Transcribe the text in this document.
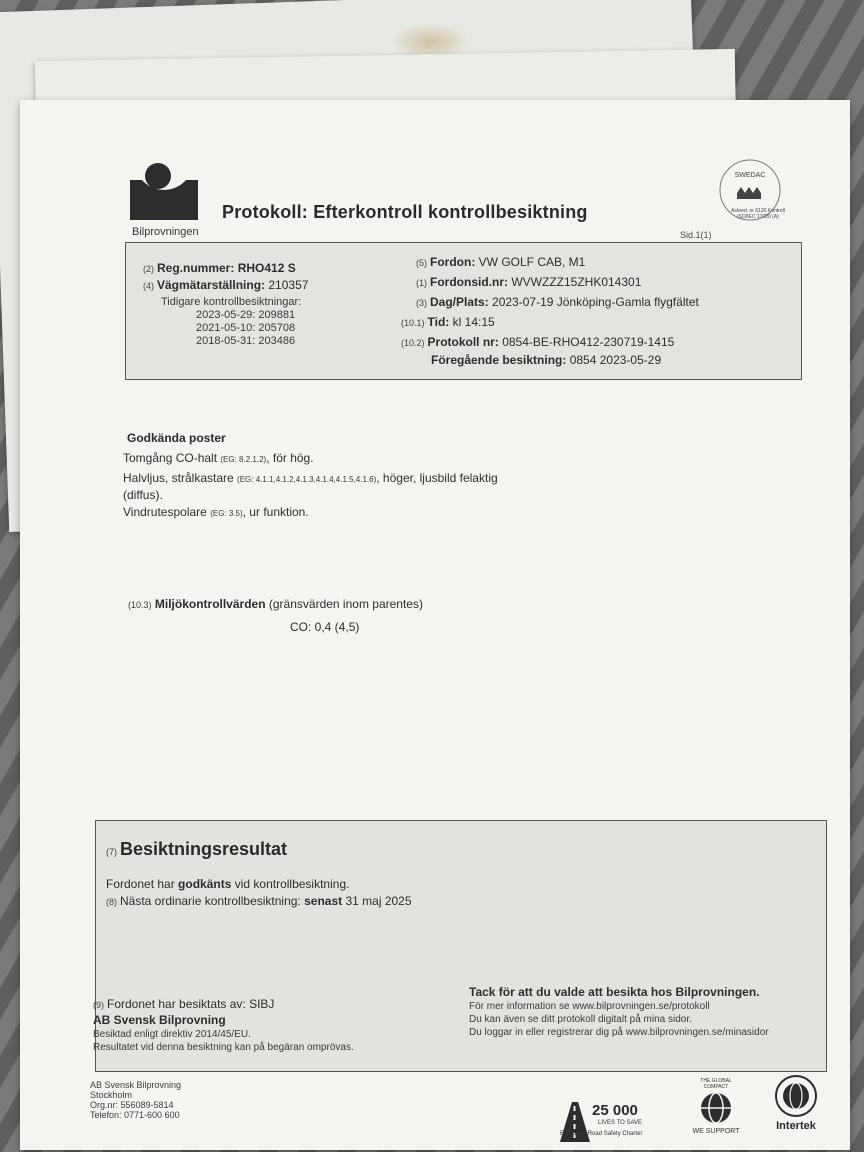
Bilprovningen
Protokoll: Efterkontroll kontrollbesiktning
Sid.1(1)
SWEDAC
Ackred. nr 6130 Kontroll ISO/IEC 17020 (A)
(2) Reg.nummer: RHO412 S
(4) Vägmätarställning: 210357
Tidigare kontrollbesiktningar:
2023-05-29: 209881
2021-05-10: 205708
2018-05-31: 203486
(5) Fordon: VW GOLF CAB, M1
(1) Fordonsid.nr: WVWZZZ15ZHK014301
(3) Dag/Plats: 2023-07-19 Jönköping-Gamla flygfältet
(10.1) Tid: kl 14:15
(10.2) Protokoll nr: 0854-BE-RHO412-230719-1415
Föregående besiktning: 0854 2023-05-29
Godkända poster
Tomgång CO-halt (EG: 8.2.1.2), för hög.
Halvljus, strålkastare (EG: 4.1.1,4.1.2,4.1.3,4.1.4,4.1.5,4.1.6), höger, ljusbild felaktig
(diffus).
Vindrutespolare (EG: 3.5), ur funktion.
(10.3) Miljökontrollvärden (gränsvärden inom parentes)
CO: 0,4 (4,5)
(7) Besiktningsresultat
Fordonet har godkänts vid kontrollbesiktning.
(8) Nästa ordinarie kontrollbesiktning: senast 31 maj 2025
(9) Fordonet har besiktats av: SIBJ
AB Svensk Bilprovning
Besiktad enligt direktiv 2014/45/EU.
Resultatet vid denna besiktning kan på begäran omprövas.
Tack för att du valde att besikta hos Bilprovningen.
För mer information se www.bilprovningen.se/protokoll
Du kan även se ditt protokoll digitalt på mina sidor.
Du loggar in eller registrerar dig på www.bilprovningen.se/minasidor
AB Svensk Bilprovning
Stockholm
Org.nr: 556089-5814
Telefon: 0771-600 600	25 000
LIVES TO SAVE
European Road Safety Charter
THE GLOBAL COMPACT
WE SUPPORT	Intertek
